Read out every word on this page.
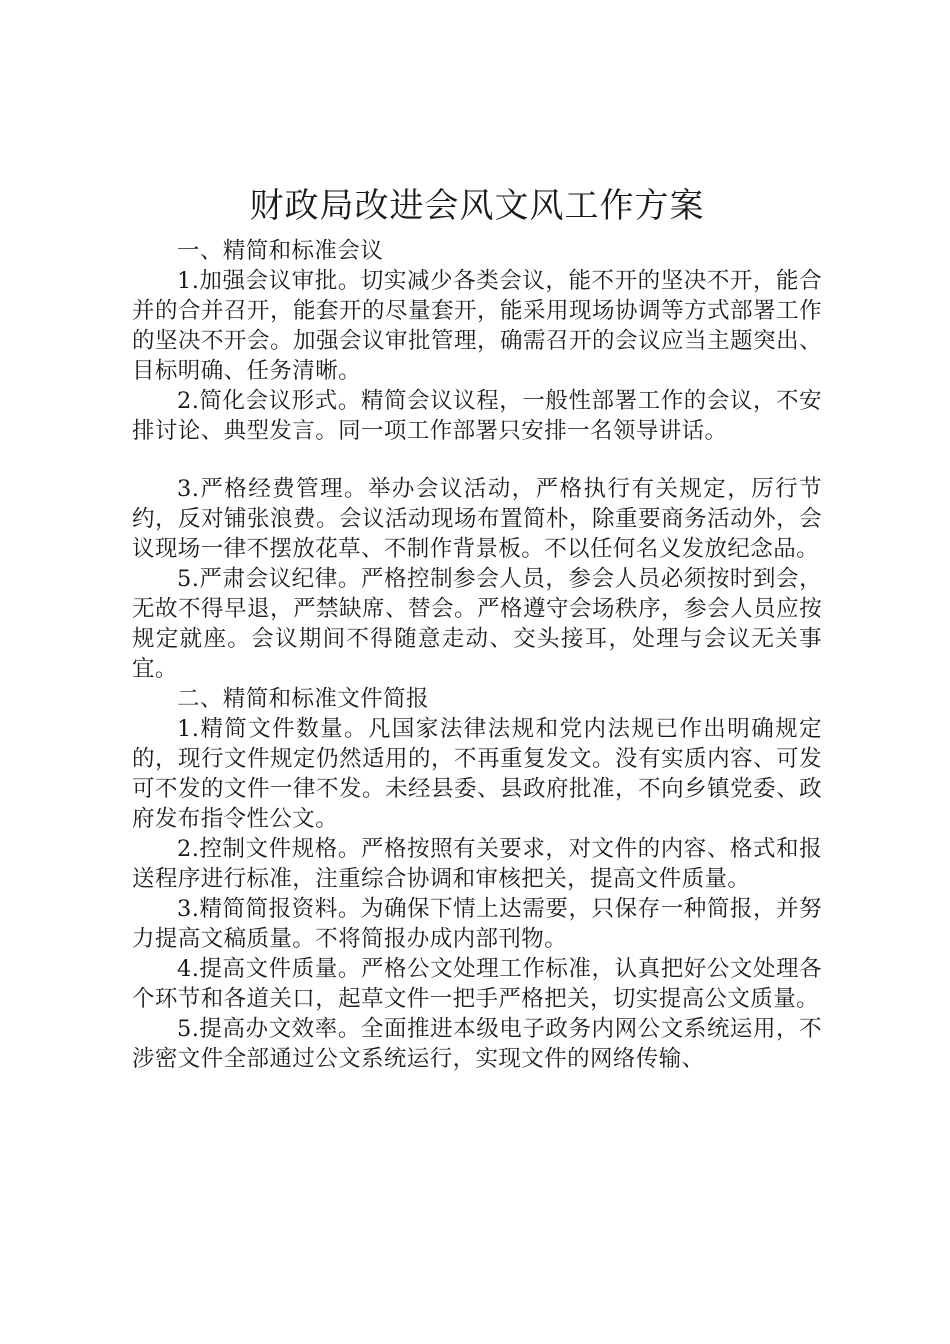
财政局改进会风文风工作方案

一、精简和标准会议

1.加强会议审批。切实减少各类会议，能不开的坚决不开，能合并的合并召开，能套开的尽量套开，能采用现场协调等方式部署工作的坚决不开会。加强会议审批管理，确需召开的会议应当主题突出、目标明确、任务清晰。

2.简化会议形式。精简会议议程，一般性部署工作的会议，不安排讨论、典型发言。同一项工作部署只安排一名领导讲话。

3.严格经费管理。举办会议活动，严格执行有关规定，厉行节约，反对铺张浪费。会议活动现场布置简朴，除重要商务活动外，会议现场一律不摆放花草、不制作背景板。不以任何名义发放纪念品。

5.严肃会议纪律。严格控制参会人员，参会人员必须按时到会，无故不得早退，严禁缺席、替会。严格遵守会场秩序，参会人员应按规定就座。会议期间不得随意走动、交头接耳，处理与会议无关事宜。

二、精简和标准文件简报

1.精简文件数量。凡国家法律法规和党内法规已作出明确规定的，现行文件规定仍然适用的，不再重复发文。没有实质内容、可发可不发的文件一律不发。未经县委、县政府批准，不向乡镇党委、政府发布指令性公文。

2.控制文件规格。严格按照有关要求，对文件的内容、格式和报送程序进行标准，注重综合协调和审核把关，提高文件质量。

3.精简简报资料。为确保下情上达需要，只保存一种简报，并努力提高文稿质量。不将简报办成内部刊物。

4.提高文件质量。严格公文处理工作标准，认真把好公文处理各个环节和各道关口，起草文件一把手严格把关，切实提高公文质量。

5.提高办文效率。全面推进本级电子政务内网公文系统运用，不涉密文件全部通过公文系统运行，实现文件的网络传输、
